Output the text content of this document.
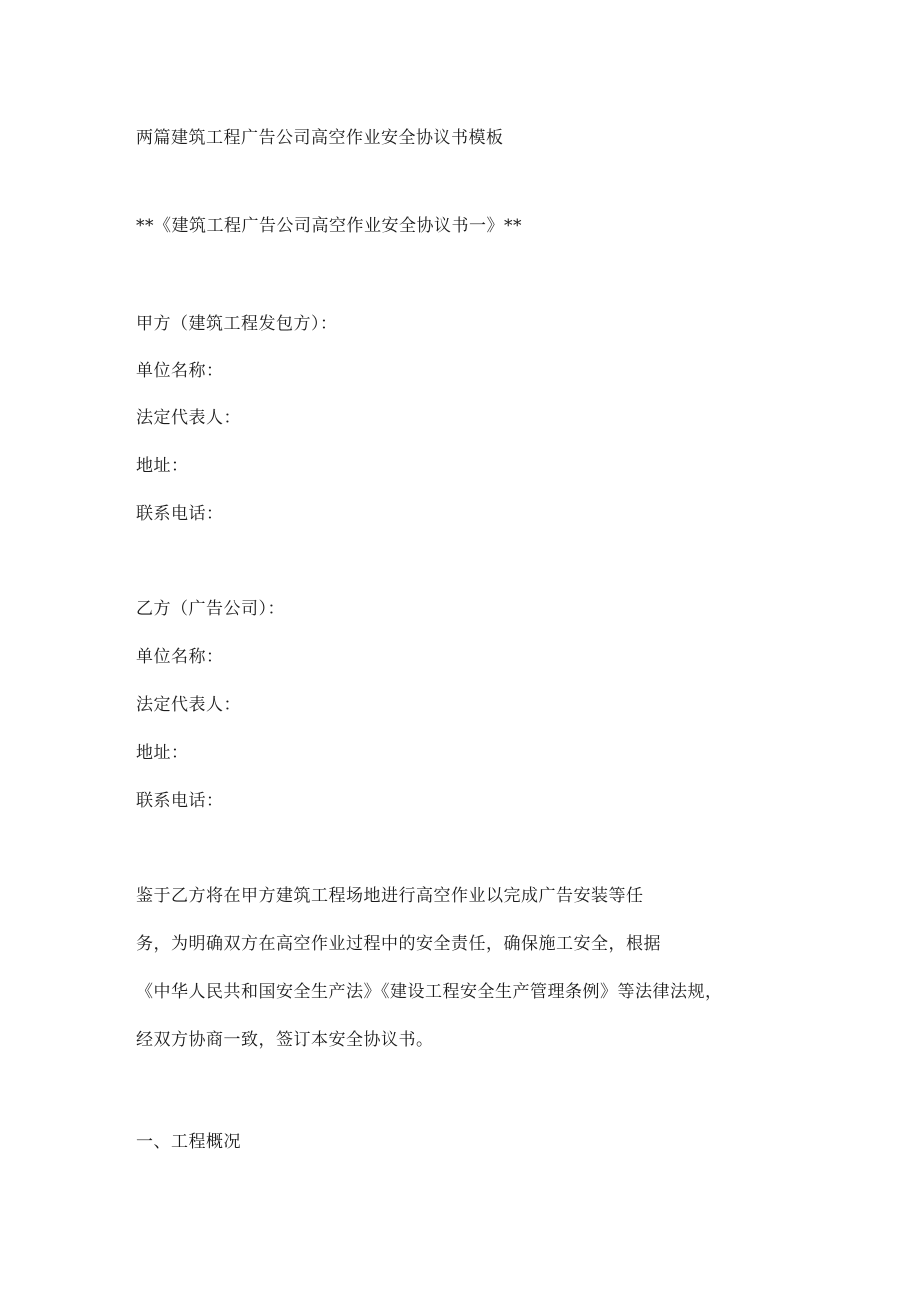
两篇建筑工程广告公司高空作业安全协议书模板

**《建筑工程广告公司高空作业安全协议书一》**

甲方（建筑工程发包方）：

单位名称：

法定代表人：

地址：

联系电话：

乙方（广告公司）：

单位名称：

法定代表人：

地址：

联系电话：

鉴于乙方将在甲方建筑工程场地进行高空作业以完成广告安装等任

务，为明确双方在高空作业过程中的安全责任，确保施工安全，根据

《中华人民共和国安全生产法》《建设工程安全生产管理条例》等法律法规，

经双方协商一致，签订本安全协议书。

一、工程概况
